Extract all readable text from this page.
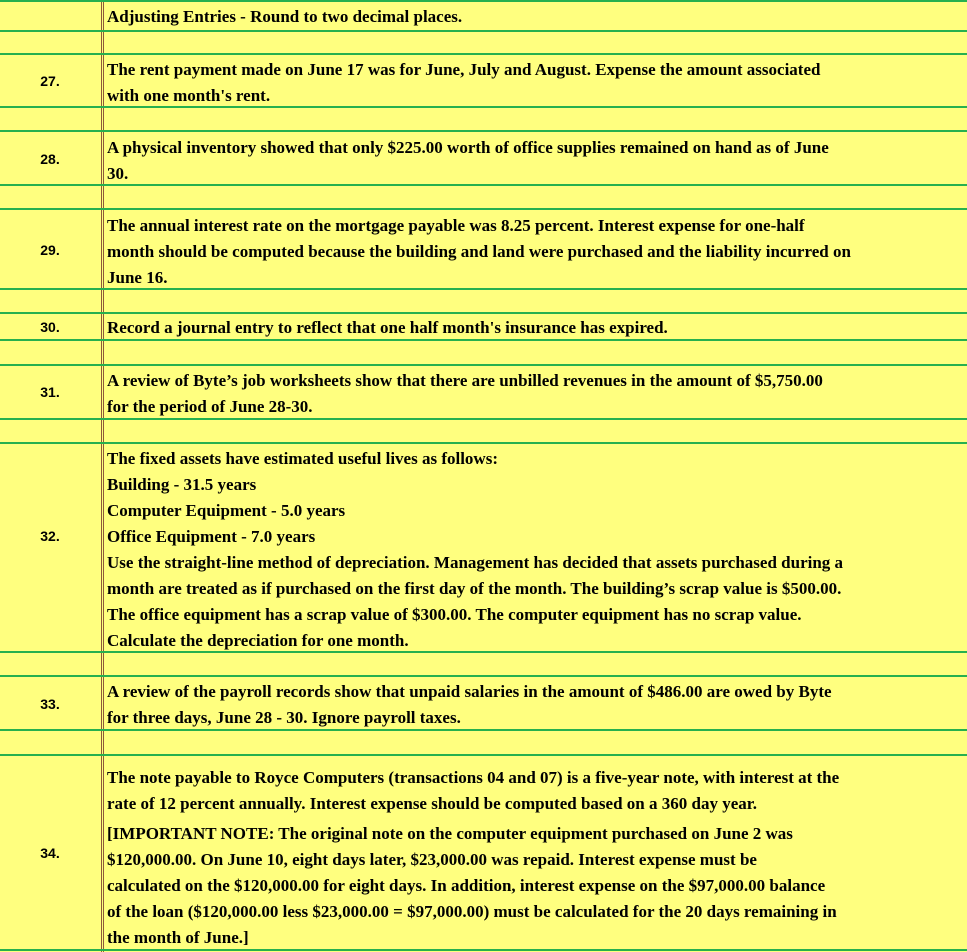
Adjusting Entries - Round to two decimal places.
27.
The rent payment made on June 17 was for June, July and August. Expense the amount associated
with one month's rent.
28.
A physical inventory showed that only $225.00 worth of office supplies remained on hand as of June
30.
29.
The annual interest rate on the mortgage payable was 8.25 percent. Interest expense for one-half
month should be computed because the building and land were purchased and the liability incurred on
June 16.
30.	Record a journal entry to reflect that one half month's insurance has expired.
31.
A review of Byte’s job worksheets show that there are unbilled revenues in the amount of $5,750.00
for the period of June 28-30.
32.
The fixed assets have estimated useful lives as follows:
Building - 31.5 years
Computer Equipment - 5.0 years
Office Equipment - 7.0 years
Use the straight-line method of depreciation. Management has decided that assets purchased during a
month are treated as if purchased on the first day of the month. The building’s scrap value is $500.00.
The office equipment has a scrap value of $300.00. The computer equipment has no scrap value.
Calculate the depreciation for one month.
33.
A review of the payroll records show that unpaid salaries in the amount of $486.00 are owed by Byte
for three days, June 28 - 30. Ignore payroll taxes.
34.
The note payable to Royce Computers (transactions 04 and 07) is a five-year note, with interest at the
rate of 12 percent annually. Interest expense should be computed based on a 360 day year.
[IMPORTANT NOTE: The original note on the computer equipment purchased on June 2 was
$120,000.00. On June 10, eight days later, $23,000.00 was repaid. Interest expense must be
calculated on the $120,000.00 for eight days. In addition, interest expense on the $97,000.00 balance
of the loan ($120,000.00 less $23,000.00 = $97,000.00) must be calculated for the 20 days remaining in
the month of June.]
